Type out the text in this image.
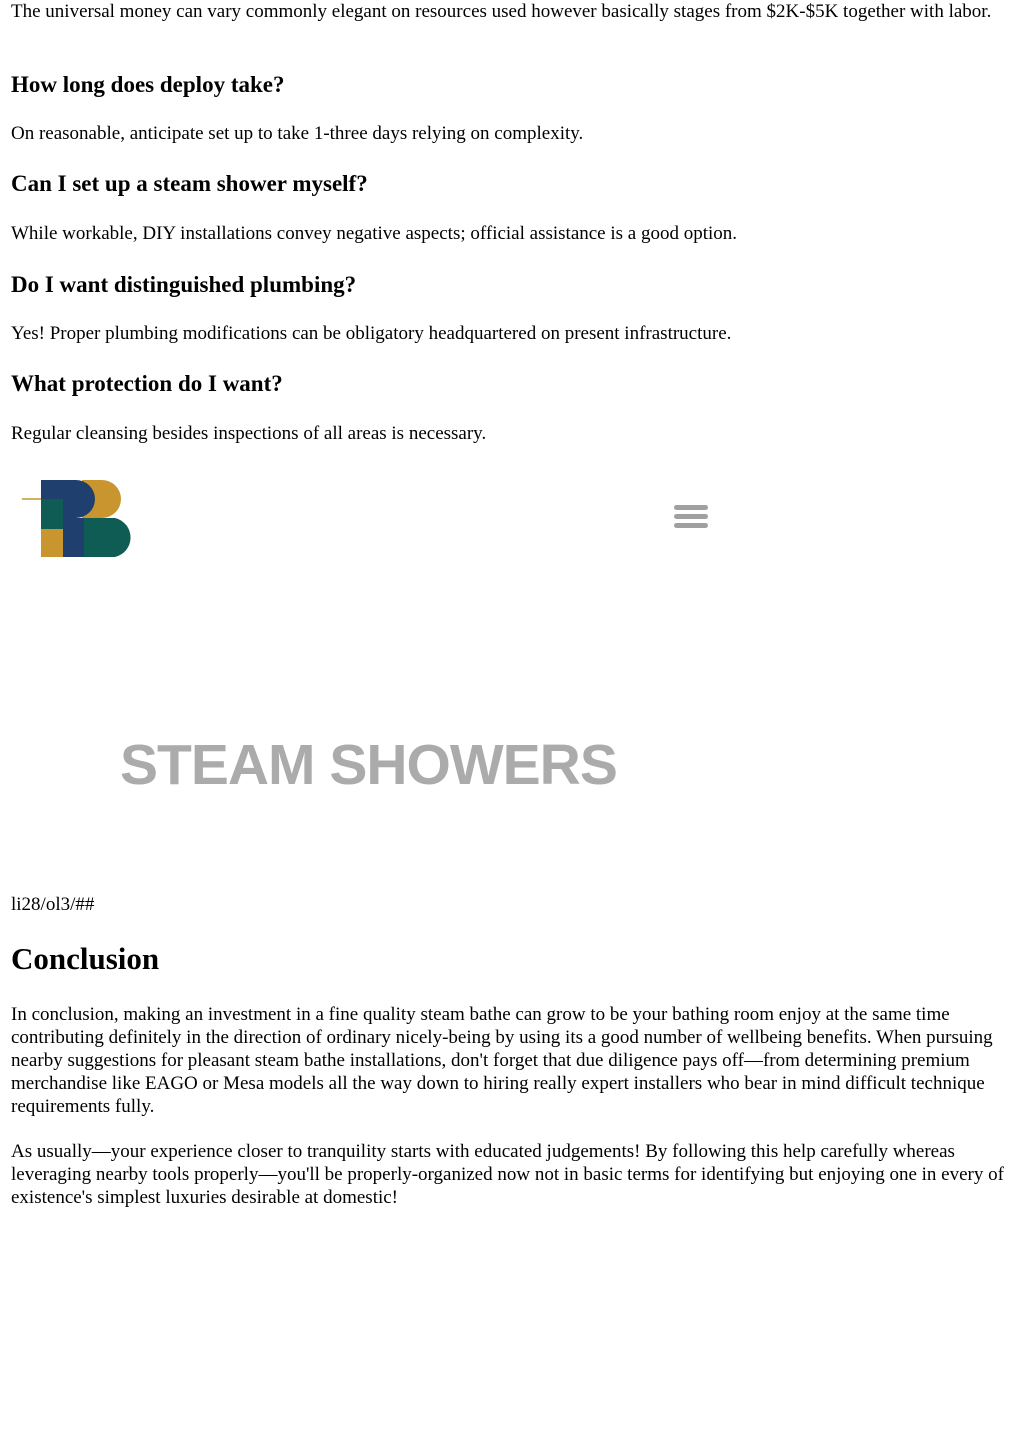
The universal money can vary commonly elegant on resources used however basically stages from $2K-$5K together with labor.

How long does deploy take?

On reasonable, anticipate set up to take 1-three days relying on complexity.

Can I set up a steam shower myself?

While workable, DIY installations convey negative aspects; official assistance is a good option.

Do I want distinguished plumbing?

Yes! Proper plumbing modifications can be obligatory headquartered on present infrastructure.

What protection do I want?

Regular cleansing besides inspections of all areas is necessary.

STEAM SHOWERS

li28/ol3/##

Conclusion

In conclusion, making an investment in a fine quality steam bathe can grow to be your bathing room enjoy at the same time contributing definitely in the direction of ordinary nicely-being by using its a good number of wellbeing benefits. When pursuing nearby suggestions for pleasant steam bathe installations, don't forget that due diligence pays off—from determining premium merchandise like EAGO or Mesa models all the way down to hiring really expert installers who bear in mind difficult technique requirements fully.

As usually—your experience closer to tranquility starts with educated judgements! By following this help carefully whereas leveraging nearby tools properly—you'll be properly-organized now not in basic terms for identifying but enjoying one in every of existence's simplest luxuries desirable at domestic!
